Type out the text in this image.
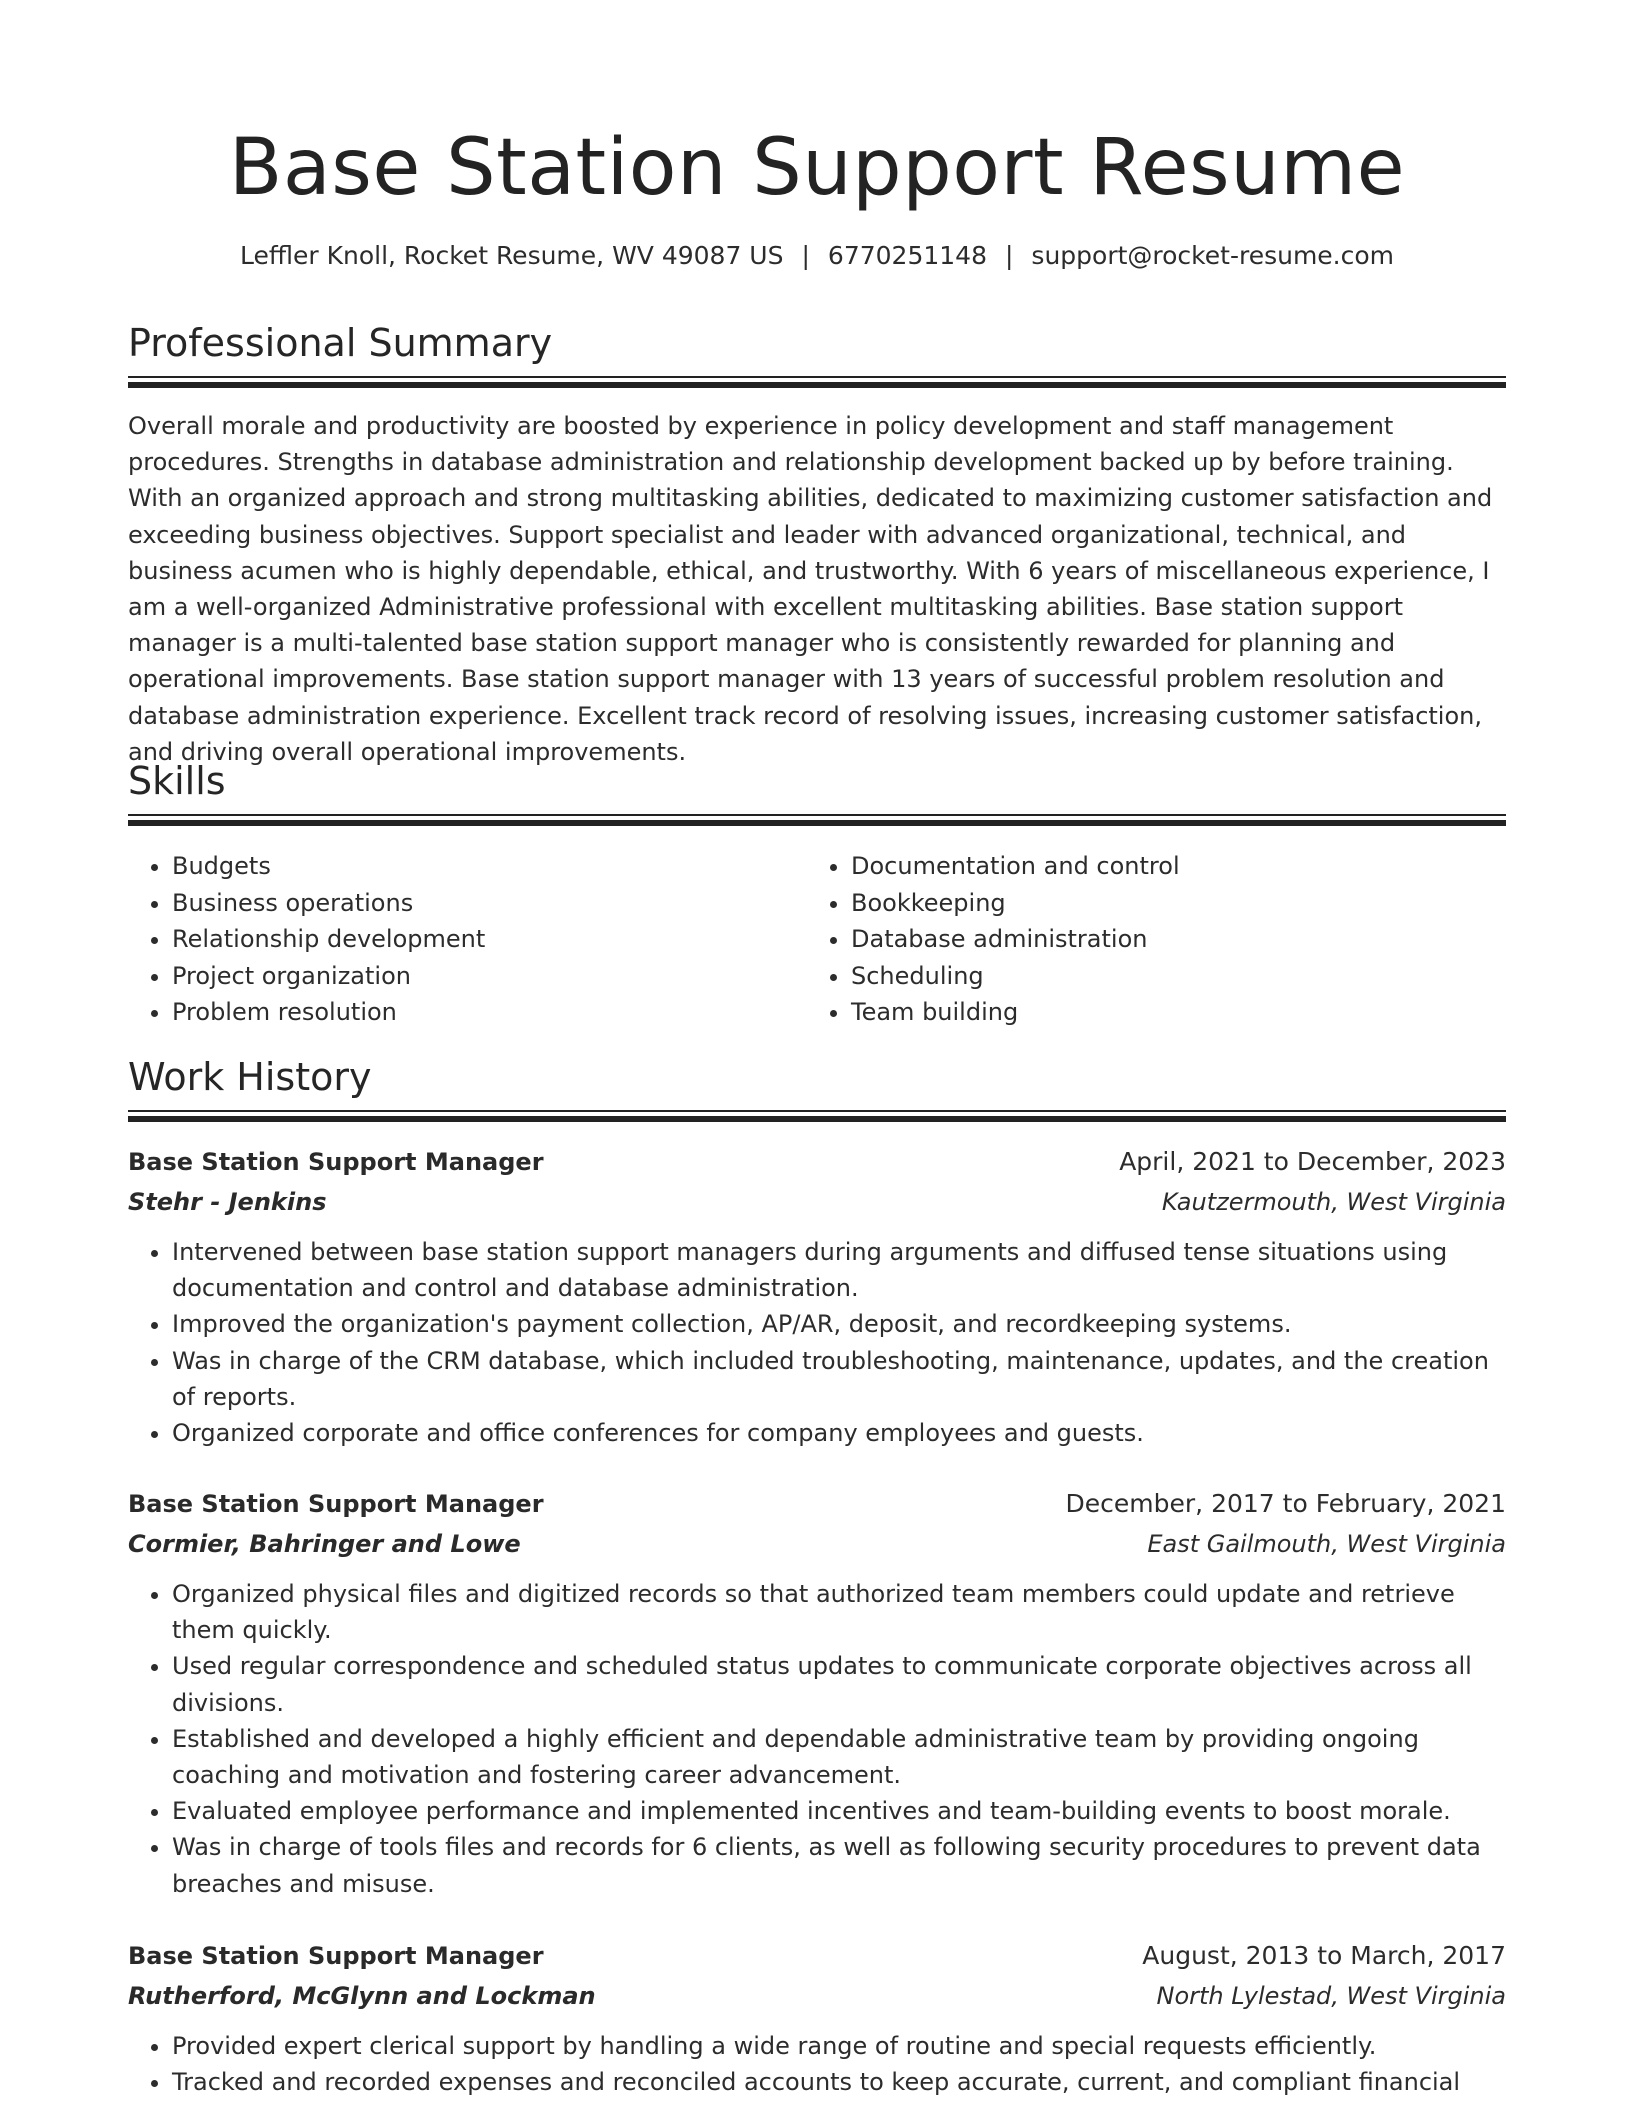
Base Station Support Resume
Leffler Knoll, Rocket Resume, WV 49087 US | 6770251148 | support@rocket-resume.com
Professional Summary

Overall morale and productivity are boosted by experience in policy development and staff management procedures. Strengths in database administration and relationship development backed up by before training. With an organized approach and strong multitasking abilities, dedicated to maximizing customer satisfaction and exceeding business objectives. Support specialist and leader with advanced organizational, technical, and business acumen who is highly dependable, ethical, and trustworthy. With 6 years of miscellaneous experience, I am a well-organized Administrative professional with excellent multitasking abilities. Base station support manager is a multi-talented base station support manager who is consistently rewarded for planning and operational improvements. Base station support manager with 13 years of successful problem resolution and database administration experience. Excellent track record of resolving issues, increasing customer satisfaction, and driving overall operational improvements.

Skills
• Budgets
• Business operations
• Relationship development
• Project organization
• Problem resolution
• Documentation and control
• Bookkeeping
• Database administration
• Scheduling
• Team building
Work History
Base Station Support Manager	April, 2021 to December, 2023
Stehr - Jenkins	Kautzermouth, West Virginia
• Intervened between base station support managers during arguments and diffused tense situations using documentation and control and database administration.
• Improved the organization's payment collection, AP/AR, deposit, and recordkeeping systems.
• Was in charge of the CRM database, which included troubleshooting, maintenance, updates, and the creation of reports.
• Organized corporate and office conferences for company employees and guests.
Base Station Support Manager	December, 2017 to February, 2021
Cormier, Bahringer and Lowe	East Gailmouth, West Virginia
• Organized physical files and digitized records so that authorized team members could update and retrieve them quickly.
• Used regular correspondence and scheduled status updates to communicate corporate objectives across all divisions.
• Established and developed a highly efficient and dependable administrative team by providing ongoing coaching and motivation and fostering career advancement.
• Evaluated employee performance and implemented incentives and team-building events to boost morale.
• Was in charge of tools files and records for 6 clients, as well as following security procedures to prevent data breaches and misuse.
Base Station Support Manager	August, 2013 to March, 2017
Rutherford, McGlynn and Lockman	North Lylestad, West Virginia
• Provided expert clerical support by handling a wide range of routine and special requests efficiently.
• Tracked and recorded expenses and reconciled accounts to keep accurate, current, and compliant financial
